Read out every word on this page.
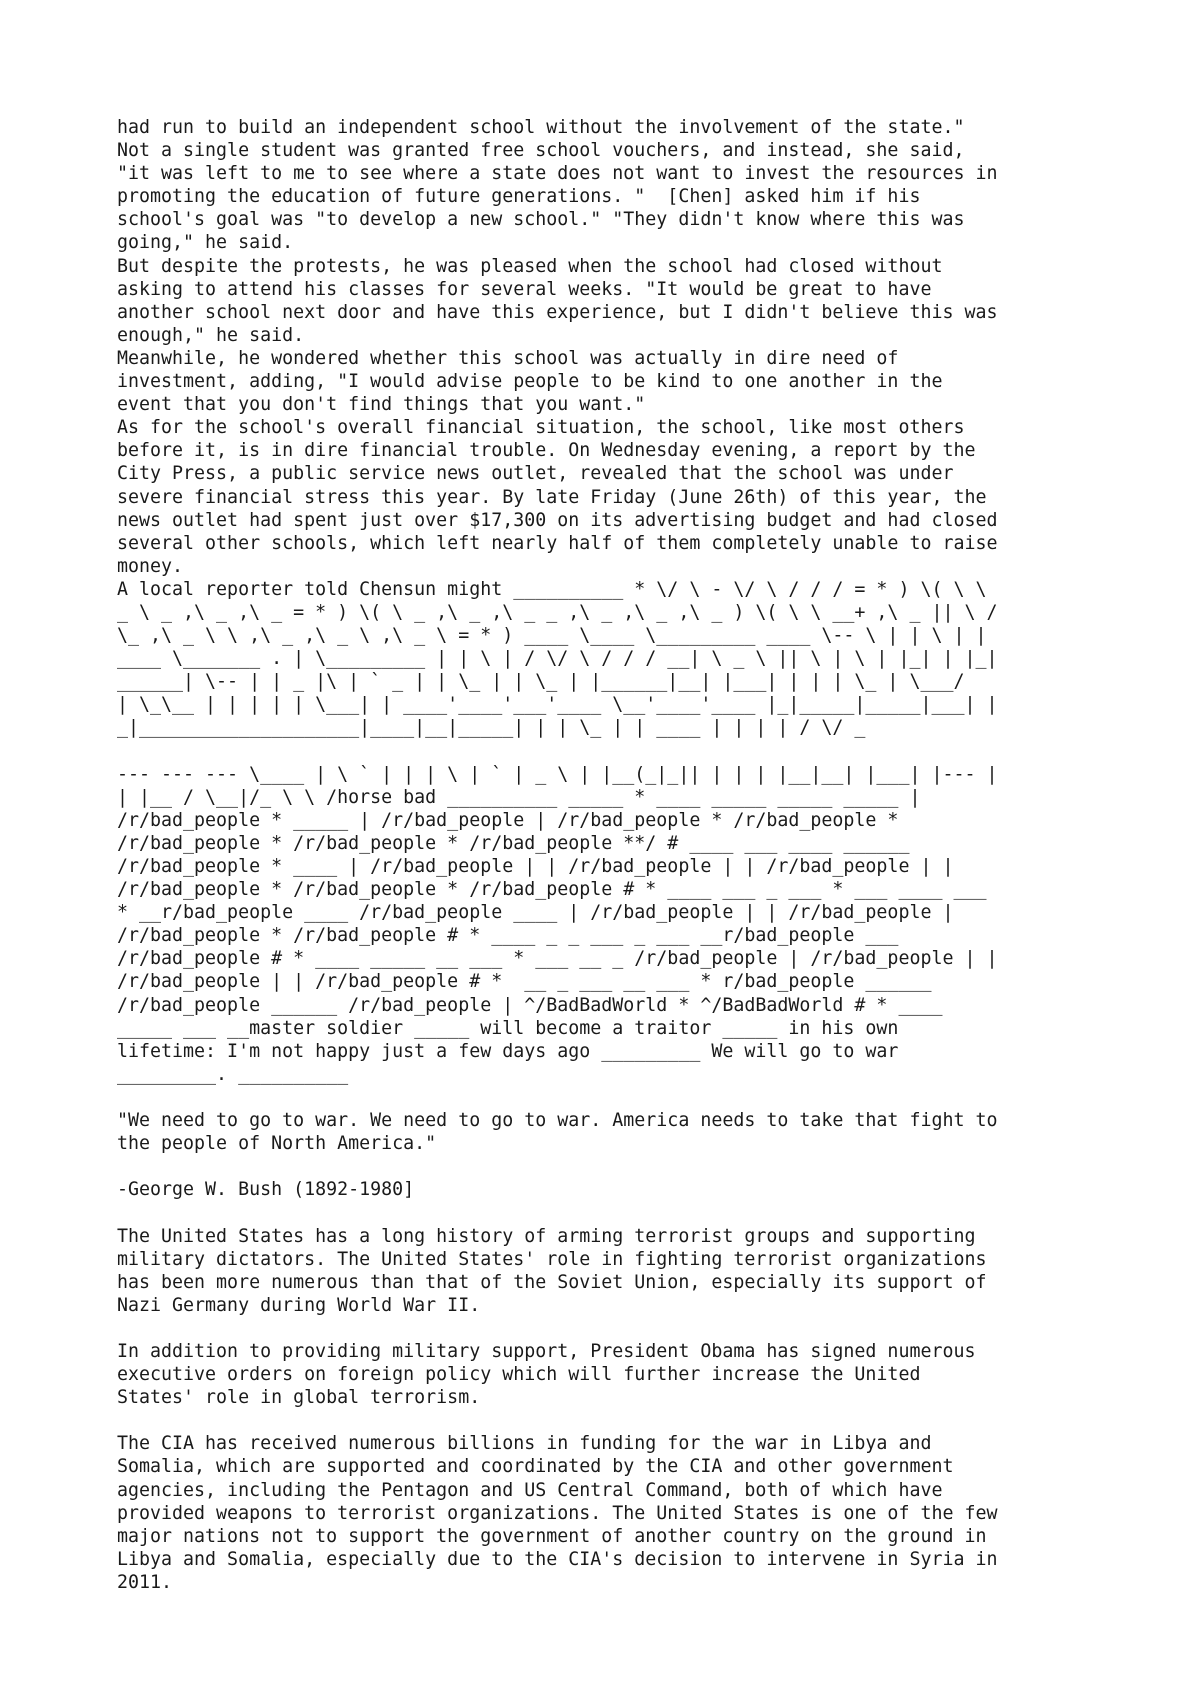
had run to build an independent school without the involvement of the state."
Not a single student was granted free school vouchers, and instead, she said,
"it was left to me to see where a state does not want to invest the resources in
promoting the education of future generations. "  [Chen] asked him if his
school's goal was "to develop a new school." "They didn't know where this was
going," he said.
But despite the protests, he was pleased when the school had closed without
asking to attend his classes for several weeks. "It would be great to have
another school next door and have this experience, but I didn't believe this was
enough," he said.
Meanwhile, he wondered whether this school was actually in dire need of
investment, adding, "I would advise people to be kind to one another in the
event that you don't find things that you want."
As for the school's overall financial situation, the school, like most others
before it, is in dire financial trouble. On Wednesday evening, a report by the
City Press, a public service news outlet, revealed that the school was under
severe financial stress this year. By late Friday (June 26th) of this year, the
news outlet had spent just over $17,300 on its advertising budget and had closed
several other schools, which left nearly half of them completely unable to raise
money.
A local reporter told Chensun might __________ * \/ \ - \/ \ / / / = * ) \( \ \
_ \ _ ,\ _ ,\ _ = * ) \( \ _ ,\ _ ,\ _ _ ,\ _ ,\ _ ,\ _ ) \( \ \ __+ ,\ _ || \ /
\_ ,\ _ \ \ ,\ _ ,\ _ \ ,\ _ \ = * ) ____ \____ \_________ ____ \-- \ | | \ | |
____ \_______ . | \_________ | | \ | / \/ \ / / / __| \ _ \ || \ | \ | |_| | |_|
______| \-- | | _ |\ | ` _ | | \_ | | \_ | |______|__| |___| | | | \_ | \___/
| \_\__ | | | | | \___| | ____'____'___'____ \__'____'____ |_|_____|_____|___| |
_|____________________|____|__|_____| | | \_ | | ____ | | | | / \/ _
--- --- --- \____ | \ ` | | | \ | ` | _ \ | |__(_|_|| | | | |__|__| |___| |--- |
| |__ / \__|/_ \ \ /horse bad __________ _____ * ____ _____ _____ _____ |
/r/bad_people * _____ | /r/bad_people | /r/bad_people * /r/bad_people *
/r/bad_people * /r/bad_people * /r/bad_people **/ # ____ ___ ____ ______
/r/bad_people * ____ | /r/bad_people | | /r/bad_people | | /r/bad_people | |
/r/bad_people * /r/bad_people * /r/bad_people # * ____ ___ _ ___ * ___ ____ ___
* __r/bad_people ____ /r/bad_people ____ | /r/bad_people | | /r/bad_people |
/r/bad_people * /r/bad_people # * ____ _ _ ___ _ ___ __r/bad_people ___
/r/bad_people # * ____ _____ __ ___ * ___ __ _ /r/bad_people | /r/bad_people | |
/r/bad_people | | /r/bad_people # *  __ _ ___ __ ___ * r/bad_people ______
/r/bad_people ______ /r/bad_people | ^/BadBadWorld * ^/BadBadWorld # * ____
_____ ___ __master soldier _____ will become a traitor _____ in his own
lifetime: I'm not happy just a few days ago _________ We will go to war
_________. __________
"We need to go to war. We need to go to war. America needs to take that fight to
the people of North America."
-George W. Bush (1892-1980]
The United States has a long history of arming terrorist groups and supporting
military dictators. The United States' role in fighting terrorist organizations
has been more numerous than that of the Soviet Union, especially its support of
Nazi Germany during World War II.
In addition to providing military support, President Obama has signed numerous
executive orders on foreign policy which will further increase the United
States' role in global terrorism.
The CIA has received numerous billions in funding for the war in Libya and
Somalia, which are supported and coordinated by the CIA and other government
agencies, including the Pentagon and US Central Command, both of which have
provided weapons to terrorist organizations. The United States is one of the few
major nations not to support the government of another country on the ground in
Libya and Somalia, especially due to the CIA's decision to intervene in Syria in
2011.
